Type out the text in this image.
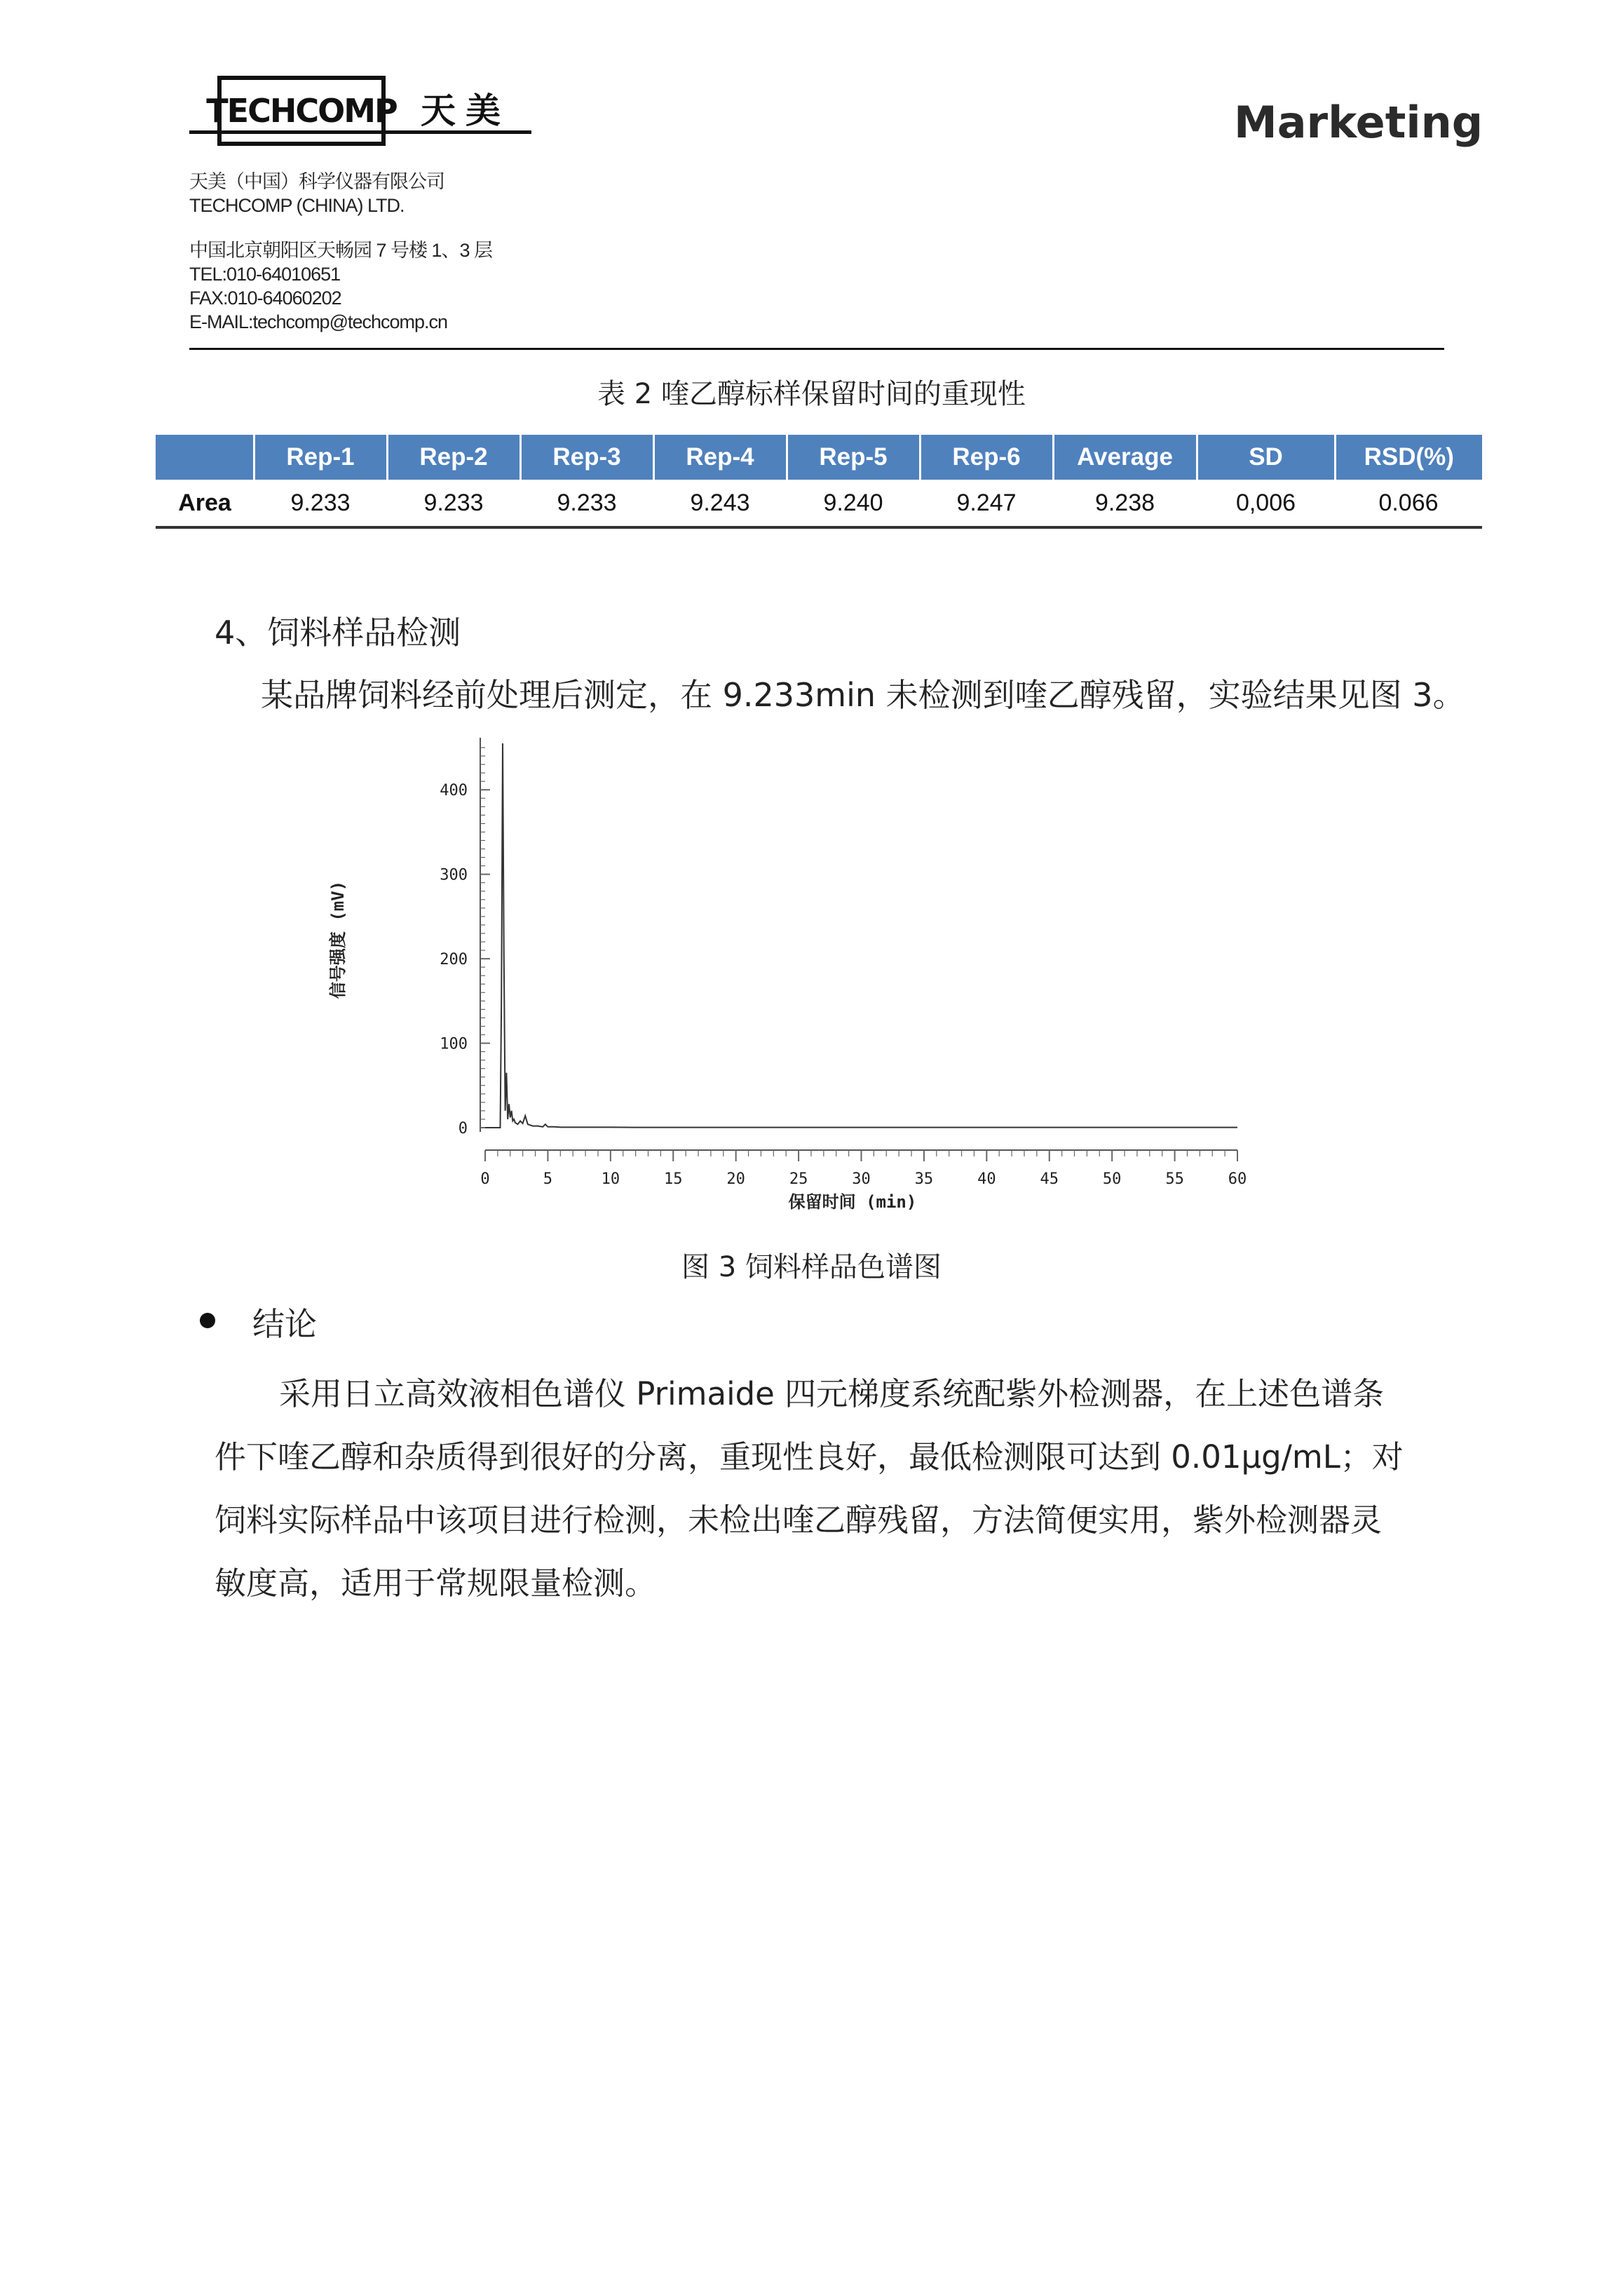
TECHCOMP 天美	Marketing
天美（中国）科学仪器有限公司
TECHCOMP (CHINA) LTD.
中国北京朝阳区天畅园 7 号楼 1、3 层
TEL:010-64010651
FAX:010-64060202
E-MAIL:techcomp@techcomp.cn
表 2 喹乙醇标样保留时间的重现性
	Rep-1	Rep-2	Rep-3	Rep-4	Rep-5	Rep-6	Average	SD	RSD(%)
Area	9.233	9.233	9.233	9.243	9.240	9.247	9.238	0,006	0.066
4、饲料样品检测
某品牌饲料经前处理后测定，在 9.233min 未检测到喹乙醇残留，实验结果见图 3。
0
100
200
300
400
0	5	10	15	20	25	30	35	40	45	50	55	60
保留时间 (min)
信号强度 (mV)
图 3 饲料样品色谱图
结论

采用日立高效液相色谱仪 Primaide 四元梯度系统配紫外检测器，在上述色谱条

件下喹乙醇和杂质得到很好的分离，重现性良好，最低检测限可达到 0.01μg/mL；对

饲料实际样品中该项目进行检测，未检出喹乙醇残留，方法简便实用，紫外检测器灵

敏度高，适用于常规限量检测。
